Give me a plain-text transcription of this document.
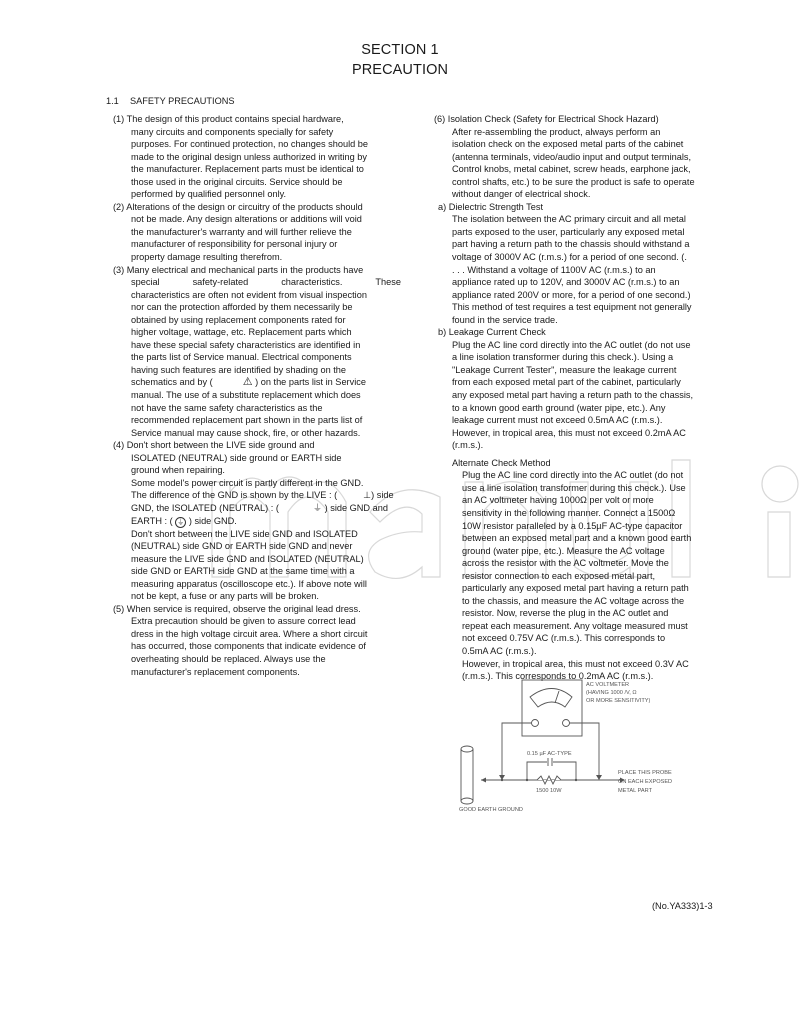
SECTION 1
PRECAUTION
1.1 SAFETY PRECAUTIONS
(1) The design of this product contains special hardware,

many circuits and components specially for safety

purposes. For continued protection, no changes should be

made to the original design unless authorized in writing by

the manufacturer. Replacement parts must be identical to

those used in the original circuits. Service should be

performed by qualified personnel only.

(2) Alterations of the design or circuitry of the products should

not be made. Any design alterations or additions will void

the manufacturer's warranty and will further relieve the

manufacturer of responsibility for personal injury or

property damage resulting therefrom.

(3) Many electrical and mechanical parts in the products have

special	safety-related	characteristics.	These

characteristics are often not evident from visual inspection

nor can the protection afforded by them necessarily be

obtained by using replacement components rated for

higher voltage, wattage, etc. Replacement parts which

have these special safety characteristics are identified in

the parts list of Service manual. Electrical components

having such features are identified by shading on the

schematics and by (	⚠ ) on the parts list in Service

manual. The use of a substitute replacement which does

not have the same safety characteristics as the

recommended replacement part shown in the parts list of

Service manual may cause shock, fire, or other hazards.

(4) Don't short between the LIVE side ground and

ISOLATED (NEUTRAL) side ground or EARTH side

ground when repairing.

Some model's power circuit is partly different in the GND.

The difference of the GND is shown by the LIVE : (	⊥) side

GND, the ISOLATED (NEUTRAL) : (	⏚ ) side GND and

EARTH : ( ⏚ ) side GND.

Don't short between the LIVE side GND and ISOLATED

(NEUTRAL) side GND or EARTH side GND and never

measure the LIVE side GND and ISOLATED (NEUTRAL)

side GND or EARTH side GND at the same time with a

measuring apparatus (oscilloscope etc.). If above note will

not be kept, a fuse or any parts will be broken.

(5) When service is required, observe the original lead dress.

Extra precaution should be given to assure correct lead

dress in the high voltage circuit area. Where a short circuit

has occurred, those components that indicate evidence of

overheating should be replaced. Always use the

manufacturer's replacement components.

(6) Isolation Check (Safety for Electrical Shock Hazard)

After re-assembling the product, always perform an

isolation check on the exposed metal parts of the cabinet

(antenna terminals, video/audio input and output terminals,

Control knobs, metal cabinet, screw heads, earphone jack,

control shafts, etc.) to be sure the product is safe to operate

without danger of electrical shock.

a) Dielectric Strength Test

The isolation between the AC primary circuit and all metal

parts exposed to the user, particularly any exposed metal

part having a return path to the chassis should withstand a

voltage of 3000V AC (r.m.s.) for a period of one second. (.

. . . Withstand a voltage of 1100V AC (r.m.s.) to an

appliance rated up to 120V, and 3000V AC (r.m.s.) to an

appliance rated 200V or more, for a period of one second.)

This method of test requires a test equipment not generally

found in the service trade.

b) Leakage Current Check

Plug the AC line cord directly into the AC outlet (do not use

a line isolation transformer during this check.). Using a

"Leakage Current Tester", measure the leakage current

from each exposed metal part of the cabinet, particularly

any exposed metal part having a return path to the chassis,

to a known good earth ground (water pipe, etc.). Any

leakage current must not exceed 0.5mA AC (r.m.s.).

However, in tropical area, this must not exceed 0.2mA AC

(r.m.s.).

Alternate Check Method

Plug the AC line cord directly into the AC outlet (do not

use a line isolation transformer during this check.). Use

an AC voltmeter having 1000Ω per volt or more

sensitivity in the following manner. Connect a 1500Ω

10W resistor paralleled by a 0.15µF AC-type capacitor

between an exposed metal part and a known good earth

ground (water pipe, etc.). Measure the AC voltage

across the resistor with the AC voltmeter. Move the

resistor connection to each exposed metal part,

particularly any exposed metal part having a return path

to the chassis, and measure the AC voltage across the

resistor. Now, reverse the plug in the AC outlet and

repeat each measurement. Any voltage measured must

not exceed 0.75V AC (r.m.s.). This corresponds to

0.5mA AC (r.m.s.).

However, in tropical area, this must not exceed 0.3V AC

(r.m.s.). This corresponds to 0.2mA AC (r.m.s.).

AC VOLTMETER
(HAVING 1000 /V, Ω
OR MORE SENSITIVITY)
0.15 µF AC-TYPE
1500 10W
PLACE THIS PROBE
ON EACH EXPOSED
METAL PART
GOOD EARTH GROUND
(No.YA333)1-3
